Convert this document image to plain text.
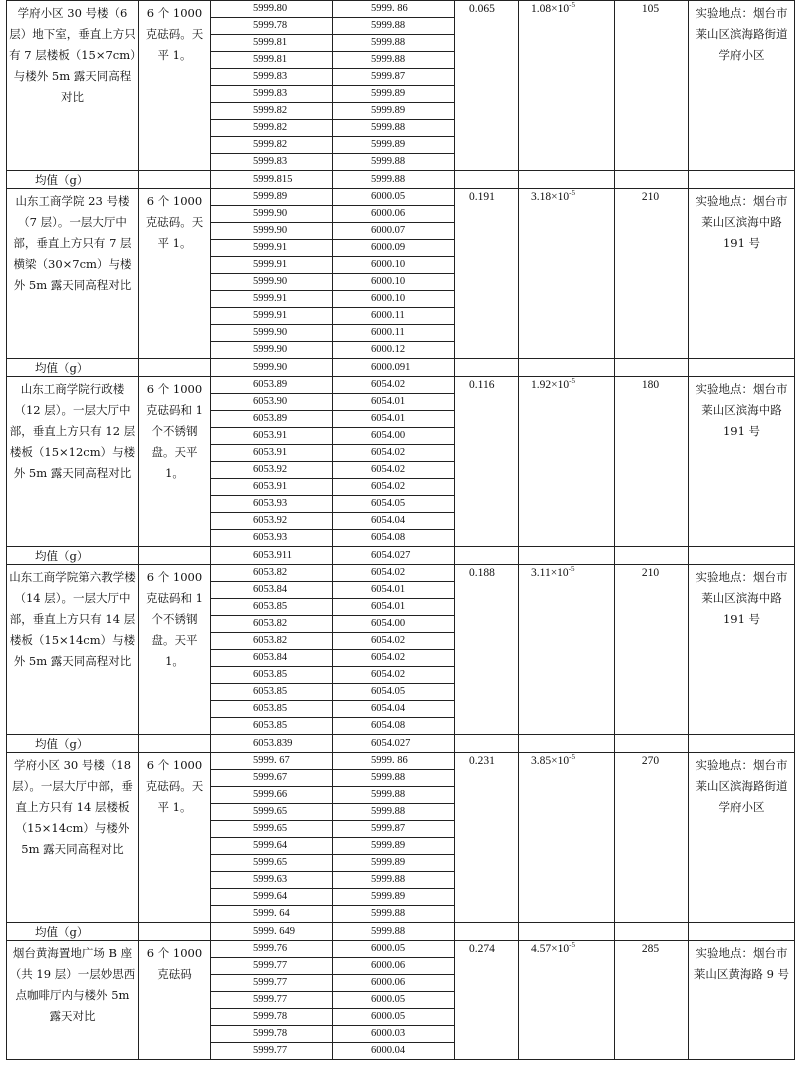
学府小区 30 号楼（6 层）地下室，垂直上方只有 7 层楼板（15×7cm）与楼外 5m 露天同高程对比	6 个 1000 克砝码。天平 1。	5999.80	5999. 86	0.065	$1.08\times 10^{-5}$	105	实验地点：烟台市莱山区滨海路街道学府小区
		5999.78	5999.88				
		5999.81	5999.88				
		5999.81	5999.88				
		5999.83	5999.87				
		5999.83	5999.89				
		5999.82	5999.89				
		5999.82	5999.88				
		5999.82	5999.89				
		5999.83	5999.88				
均值（g）		5999.815	5999.88				
山东工商学院 23 号楼（7 层）。一层大厅中部，垂直上方只有 7 层横梁（30×7cm）与楼外 5m 露天同高程对比	6 个 1000 克砝码。天平 1。	5999.89	6000.05	0.191	$3.18\times 10^{-5}$	210	实验地点：烟台市莱山区滨海中路 191 号
		5999.90	6000.06				
		5999.90	6000.07				
		5999.91	6000.09				
		5999.91	6000.10				
		5999.90	6000.10				
		5999.91	6000.10				
		5999.91	6000.11				
		5999.90	6000.11				
		5999.90	6000.12				
均值（g）		5999.90	6000.091				
山东工商学院行政楼（12 层）。一层大厅中部，垂直上方只有 12 层楼板（15×12cm）与楼外 5m 露天同高程对比	6 个 1000 克砝码和 1 个不锈钢盘。天平 1。	6053.89	6054.02	0.116	$1.92\times 10^{-5}$	180	实验地点：烟台市莱山区滨海中路 191 号
		6053.90	6054.01				
		6053.89	6054.01				
		6053.91	6054.00				
		6053.91	6054.02				
		6053.92	6054.02				
		6053.91	6054.02				
		6053.93	6054.05				
		6053.92	6054.04				
		6053.93	6054.08				
均值（g）		6053.911	6054.027				
山东工商学院第六教学楼（14 层）。一层大厅中部，垂直上方只有 14 层楼板（15×14cm）与楼外 5m 露天同高程对比	6 个 1000 克砝码和 1 个不锈钢盘。天平 1。	6053.82	6054.02	0.188	$3.11\times 10^{-5}$	210	实验地点：烟台市莱山区滨海中路 191 号
		6053.84	6054.01				
		6053.85	6054.01				
		6053.82	6054.00				
		6053.82	6054.02				
		6053.84	6054.02				
		6053.85	6054.02				
		6053.85	6054.05				
		6053.85	6054.04				
		6053.85	6054.08				
均值（g）		6053.839	6054.027				
学府小区 30 号楼（18 层）。一层大厅中部，垂直上方只有 14 层楼板（15×14cm）与楼外 5m 露天同高程对比	6 个 1000 克砝码。天平 1。	5999. 67	5999. 86	0.231	$3.85\times 10^{-5}$	270	实验地点：烟台市莱山区滨海路街道学府小区
		5999.67	5999.88				
		5999.66	5999.88				
		5999.65	5999.88				
		5999.65	5999.87				
		5999.64	5999.89				
		5999.65	5999.89				
		5999.63	5999.88				
		5999.64	5999.89				
		5999. 64	5999.88				
均值（g）		5999. 649	5999.88				
烟台黄海置地广场 B 座（共 19 层）一层妙思西点咖啡厅内与楼外 5m 露天对比	6 个 1000 克砝码	5999.76	6000.05	0.274	$4.57\times 10^{-5}$	285	实验地点：烟台市莱山区黄海路 9 号
		5999.77	6000.06				
		5999.77	6000.06				
		5999.77	6000.05				
		5999.78	6000.05				
		5999.78	6000.03				
		5999.77	6000.04				
